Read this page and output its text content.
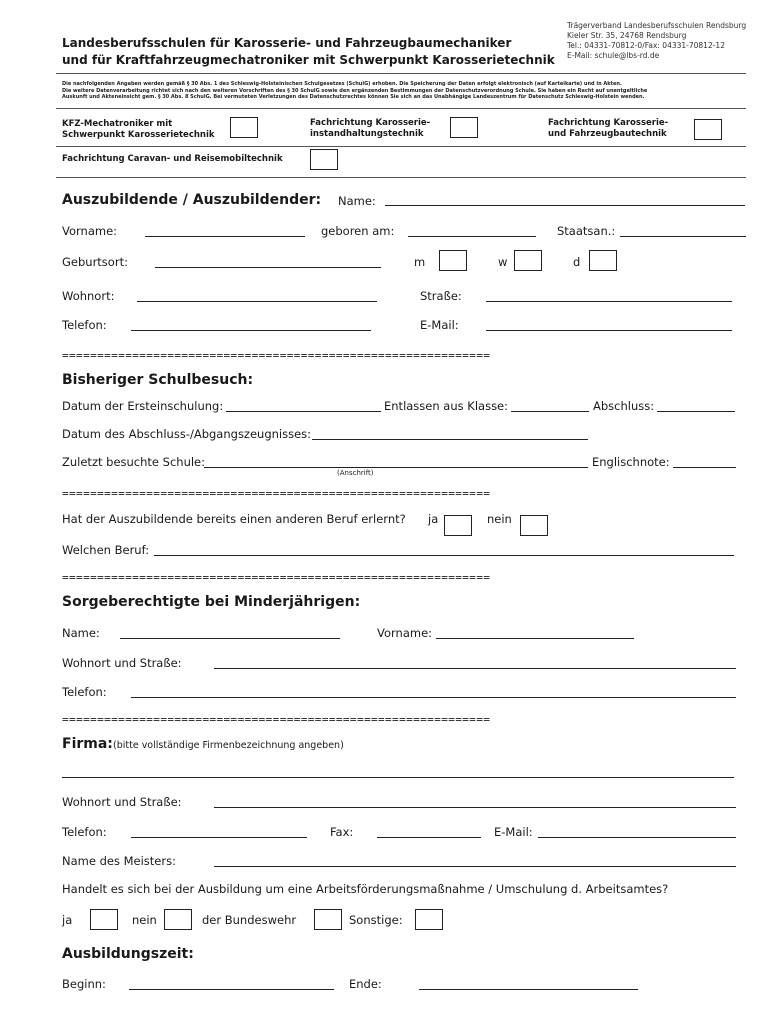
Landesberufsschulen für Karosserie- und Fahrzeugbaumechaniker
und für Kraftfahrzeugmechatroniker mit Schwerpunkt Karosserietechnik
Trägerverband Landesberufsschulen Rendsburg
Kieler Str. 35, 24768 Rendsburg
Tel.: 04331-70812-0/Fax: 04331-70812-12
E-Mail: schule@lbs-rd.de
Die nachfolgenden Angaben werden gemäß § 30 Abs. 1 des Schleswig-Holsteinischen Schulgesetzes (SchulG) erhoben. Die Speicherung der Daten erfolgt elektronisch (auf Karteikarte) und in Akten.
Die weitere Datenverarbeitung richtet sich nach den weiteren Vorschriften des § 30 SchulG sowie den ergänzenden Bestimmungen der Datenschutzverordnung Schule. Sie haben ein Recht auf unentgeltliche
Auskunft und Akteneinsicht gem. § 30 Abs. 8 SchulG. Bei vermuteten Verletzungen des Datenschutzrechtes können Sie sich an das Unabhängige Landeszentrum für Datenschutz Schleswig-Holstein wenden.
KFZ-Mechatroniker mit
Schwerpunkt Karosserietechnik
Fachrichtung Karosserie-
instandhaltungstechnik
Fachrichtung Karosserie-
und Fahrzeugbautechnik
Fachrichtung Caravan- und Reisemobiltechnik
Auszubildende / Auszubildender: Name:
Vorname:	geboren am:	Staatsan.:
Geburtsort:	m	w	d
Wohnort:	Straße:
Telefon:	E-Mail:
=============================================================
Bisheriger Schulbesuch:
Datum der Ersteinschulung:	Entlassen aus Klasse:	Abschluss:
Datum des Abschluss-/Abgangszeugnisses:
Zuletzt besuchte Schule:
(Anschrift)
Englischnote:
=============================================================
Hat der Auszubildende bereits einen anderen Beruf erlernt? ja	nein
Welchen Beruf:
=============================================================
Sorgeberechtigte bei Minderjährigen:
Name:	Vorname:
Wohnort und Straße:
Telefon:
=============================================================
Firma: (bitte vollständige Firmenbezeichnung angeben)
Wohnort und Straße:
Telefon:	Fax:	E-Mail:
Name des Meisters:
Handelt es sich bei der Ausbildung um eine Arbeitsförderungsmaßnahme / Umschulung d. Arbeitsamtes?
ja	nein	der Bundeswehr	Sonstige:
Ausbildungszeit:
Beginn:	Ende:
